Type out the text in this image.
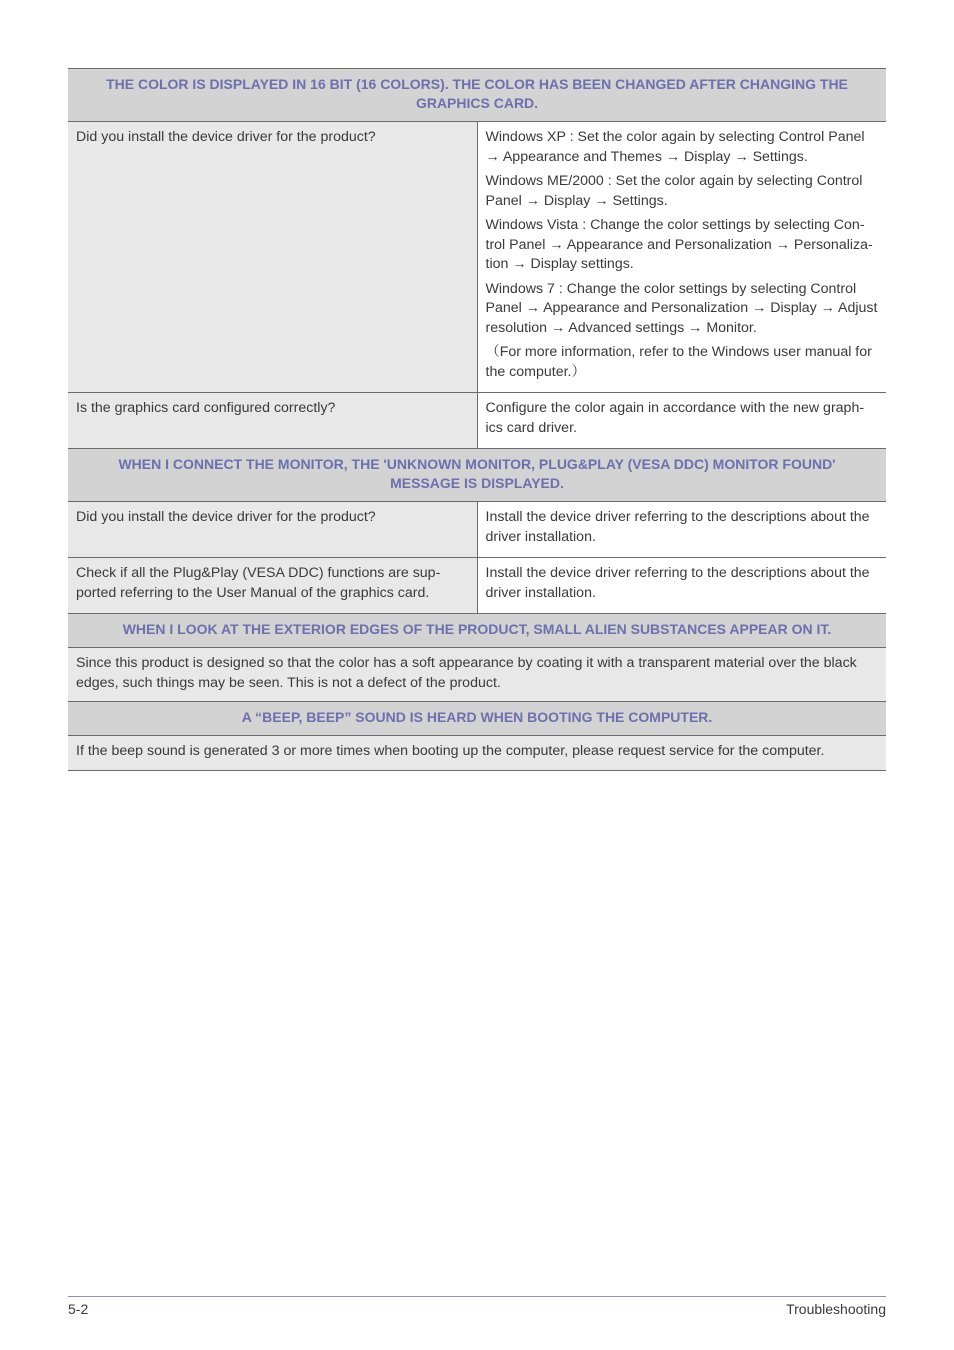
THE COLOR IS DISPLAYED IN 16 BIT (16 COLORS). THE COLOR HAS BEEN CHANGED AFTER CHANGING THE
GRAPHICS CARD.	
Did you install the device driver for the product?	Windows XP : Set the color again by selecting Control Panel → Appearance and Themes → Display → Settings.

Windows ME/2000 : Set the color again by selecting Control Panel → Display → Settings.

Windows Vista : Change the color settings by selecting Con-trol Panel → Appearance and Personalization → Personaliza-tion → Display settings.

Windows 7 : Change the color settings by selecting Control Panel → Appearance and Personalization → Display → Adjust resolution → Advanced settings → Monitor.

（For more information, refer to the Windows user manual for the computer.）

Is the graphics card configured correctly?	Configure the color again in accordance with the new graph-ics card driver.

WHEN I CONNECT THE MONITOR, THE 'UNKNOWN MONITOR, PLUG&PLAY (VESA DDC) MONITOR FOUND'
MESSAGE IS DISPLAYED.	
Did you install the device driver for the product?	Install the device driver referring to the descriptions about the driver installation.

Check if all the Plug&Play (VESA DDC) functions are sup-ported referring to the User Manual of the graphics card.	Install the device driver referring to the descriptions about the driver installation.

WHEN I LOOK AT THE EXTERIOR EDGES OF THE PRODUCT, SMALL ALIEN SUBSTANCES APPEAR ON IT.	
Since this product is designed so that the color has a soft appearance by coating it with a transparent material over the black edges, such things may be seen. This is not a defect of the product.	
A “BEEP, BEEP” SOUND IS HEARD WHEN BOOTING THE COMPUTER.	
If the beep sound is generated 3 or more times when booting up the computer, please request service for the computer.	
5-2	Troubleshooting
